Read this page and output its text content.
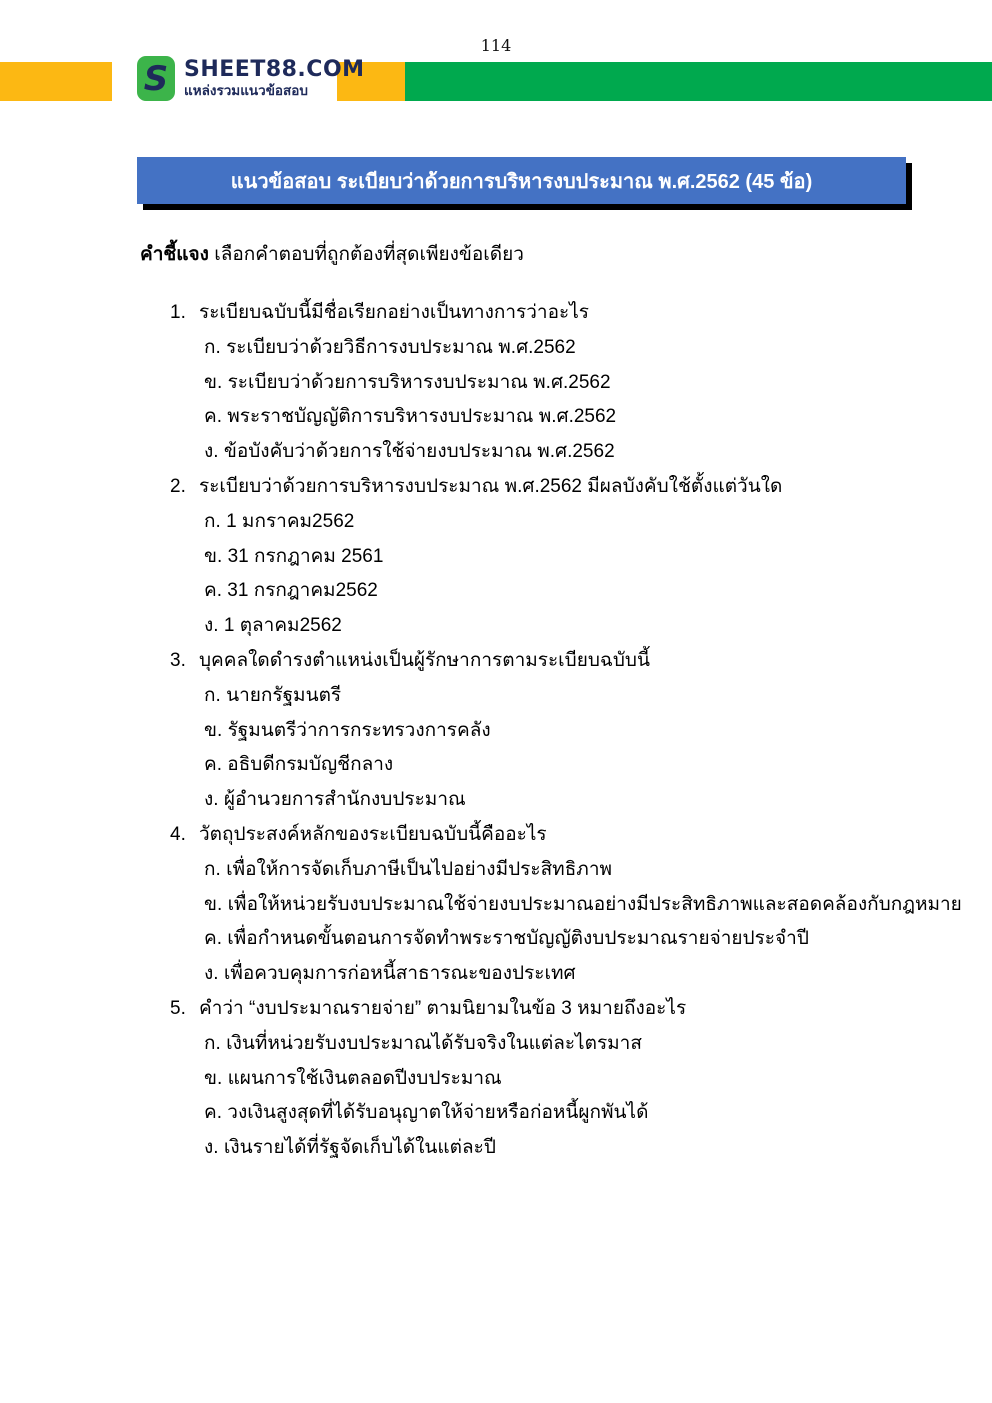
114
S SHEET88.COM
แหล่งรวมแนวข้อสอบ
แนวข้อสอบ ระเบียบว่าด้วยการบริหารงบประมาณ พ.ศ.2562 (45 ข้อ)
คำชี้แจง เลือกคำตอบที่ถูกต้องที่สุดเพียงข้อเดียว
1. ระเบียบฉบับนี้มีชื่อเรียกอย่างเป็นทางการว่าอะไร
ก. ระเบียบว่าด้วยวิธีการงบประมาณ พ.ศ.2562
ข. ระเบียบว่าด้วยการบริหารงบประมาณ พ.ศ.2562
ค. พระราชบัญญัติการบริหารงบประมาณ พ.ศ.2562
ง. ข้อบังคับว่าด้วยการใช้จ่ายงบประมาณ พ.ศ.2562
2. ระเบียบว่าด้วยการบริหารงบประมาณ พ.ศ.2562 มีผลบังคับใช้ตั้งแต่วันใด
ก. 1 มกราคม2562
ข. 31 กรกฎาคม 2561
ค. 31 กรกฎาคม2562
ง. 1 ตุลาคม2562
3. บุคคลใดดำรงตำแหน่งเป็นผู้รักษาการตามระเบียบฉบับนี้
ก. นายกรัฐมนตรี
ข. รัฐมนตรีว่าการกระทรวงการคลัง
ค. อธิบดีกรมบัญชีกลาง
ง. ผู้อำนวยการสำนักงบประมาณ
4. วัตถุประสงค์หลักของระเบียบฉบับนี้คืออะไร
ก. เพื่อให้การจัดเก็บภาษีเป็นไปอย่างมีประสิทธิภาพ
ข. เพื่อให้หน่วยรับงบประมาณใช้จ่ายงบประมาณอย่างมีประสิทธิภาพและสอดคล้องกับกฎหมาย
ค. เพื่อกำหนดขั้นตอนการจัดทำพระราชบัญญัติงบประมาณรายจ่ายประจำปี
ง. เพื่อควบคุมการก่อหนี้สาธารณะของประเทศ
5. คำว่า “งบประมาณรายจ่าย” ตามนิยามในข้อ 3 หมายถึงอะไร
ก. เงินที่หน่วยรับงบประมาณได้รับจริงในแต่ละไตรมาส
ข. แผนการใช้เงินตลอดปีงบประมาณ
ค. วงเงินสูงสุดที่ได้รับอนุญาตให้จ่ายหรือก่อหนี้ผูกพันได้
ง. เงินรายได้ที่รัฐจัดเก็บได้ในแต่ละปี
